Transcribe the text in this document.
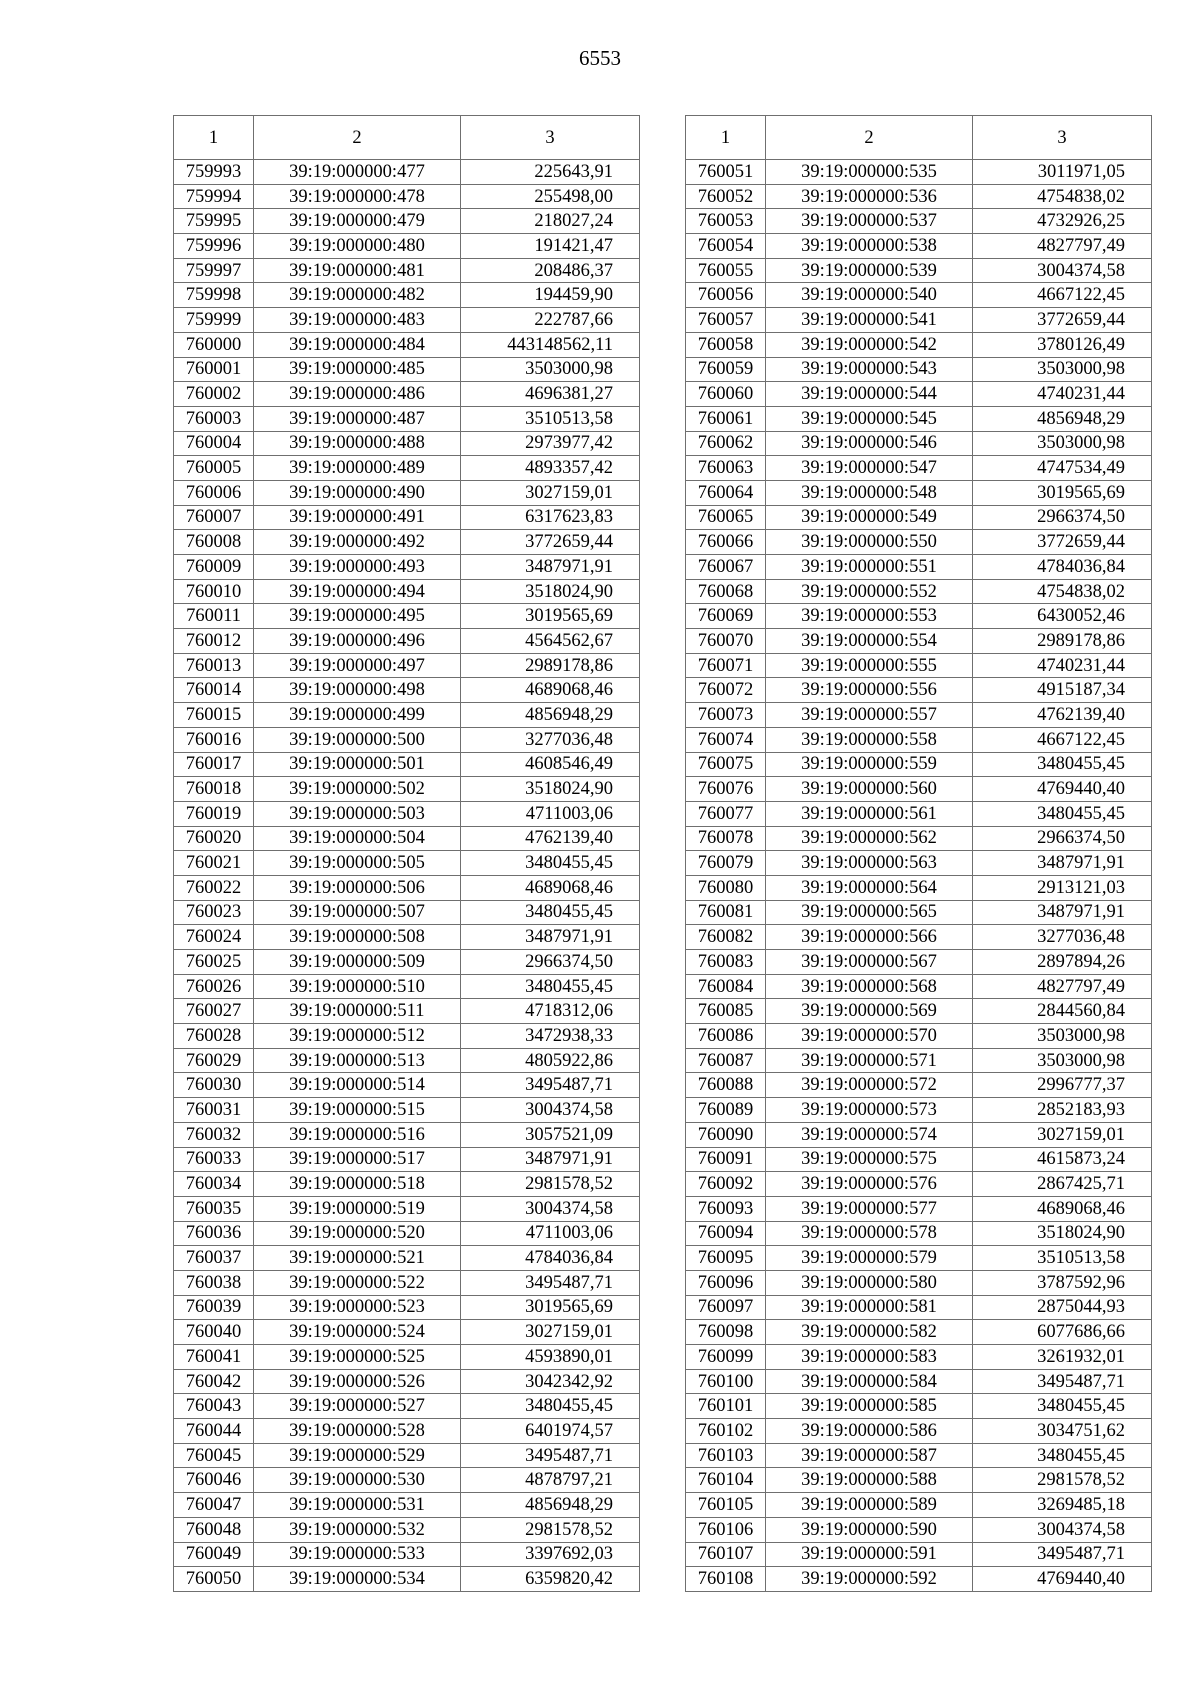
6553
1	2	3
759993	39:19:000000:477	225643,91
759994	39:19:000000:478	255498,00
759995	39:19:000000:479	218027,24
759996	39:19:000000:480	191421,47
759997	39:19:000000:481	208486,37
759998	39:19:000000:482	194459,90
759999	39:19:000000:483	222787,66
760000	39:19:000000:484	443148562,11
760001	39:19:000000:485	3503000,98
760002	39:19:000000:486	4696381,27
760003	39:19:000000:487	3510513,58
760004	39:19:000000:488	2973977,42
760005	39:19:000000:489	4893357,42
760006	39:19:000000:490	3027159,01
760007	39:19:000000:491	6317623,83
760008	39:19:000000:492	3772659,44
760009	39:19:000000:493	3487971,91
760010	39:19:000000:494	3518024,90
760011	39:19:000000:495	3019565,69
760012	39:19:000000:496	4564562,67
760013	39:19:000000:497	2989178,86
760014	39:19:000000:498	4689068,46
760015	39:19:000000:499	4856948,29
760016	39:19:000000:500	3277036,48
760017	39:19:000000:501	4608546,49
760018	39:19:000000:502	3518024,90
760019	39:19:000000:503	4711003,06
760020	39:19:000000:504	4762139,40
760021	39:19:000000:505	3480455,45
760022	39:19:000000:506	4689068,46
760023	39:19:000000:507	3480455,45
760024	39:19:000000:508	3487971,91
760025	39:19:000000:509	2966374,50
760026	39:19:000000:510	3480455,45
760027	39:19:000000:511	4718312,06
760028	39:19:000000:512	3472938,33
760029	39:19:000000:513	4805922,86
760030	39:19:000000:514	3495487,71
760031	39:19:000000:515	3004374,58
760032	39:19:000000:516	3057521,09
760033	39:19:000000:517	3487971,91
760034	39:19:000000:518	2981578,52
760035	39:19:000000:519	3004374,58
760036	39:19:000000:520	4711003,06
760037	39:19:000000:521	4784036,84
760038	39:19:000000:522	3495487,71
760039	39:19:000000:523	3019565,69
760040	39:19:000000:524	3027159,01
760041	39:19:000000:525	4593890,01
760042	39:19:000000:526	3042342,92
760043	39:19:000000:527	3480455,45
760044	39:19:000000:528	6401974,57
760045	39:19:000000:529	3495487,71
760046	39:19:000000:530	4878797,21
760047	39:19:000000:531	4856948,29
760048	39:19:000000:532	2981578,52
760049	39:19:000000:533	3397692,03
760050	39:19:000000:534	6359820,42
1	2	3
760051	39:19:000000:535	3011971,05
760052	39:19:000000:536	4754838,02
760053	39:19:000000:537	4732926,25
760054	39:19:000000:538	4827797,49
760055	39:19:000000:539	3004374,58
760056	39:19:000000:540	4667122,45
760057	39:19:000000:541	3772659,44
760058	39:19:000000:542	3780126,49
760059	39:19:000000:543	3503000,98
760060	39:19:000000:544	4740231,44
760061	39:19:000000:545	4856948,29
760062	39:19:000000:546	3503000,98
760063	39:19:000000:547	4747534,49
760064	39:19:000000:548	3019565,69
760065	39:19:000000:549	2966374,50
760066	39:19:000000:550	3772659,44
760067	39:19:000000:551	4784036,84
760068	39:19:000000:552	4754838,02
760069	39:19:000000:553	6430052,46
760070	39:19:000000:554	2989178,86
760071	39:19:000000:555	4740231,44
760072	39:19:000000:556	4915187,34
760073	39:19:000000:557	4762139,40
760074	39:19:000000:558	4667122,45
760075	39:19:000000:559	3480455,45
760076	39:19:000000:560	4769440,40
760077	39:19:000000:561	3480455,45
760078	39:19:000000:562	2966374,50
760079	39:19:000000:563	3487971,91
760080	39:19:000000:564	2913121,03
760081	39:19:000000:565	3487971,91
760082	39:19:000000:566	3277036,48
760083	39:19:000000:567	2897894,26
760084	39:19:000000:568	4827797,49
760085	39:19:000000:569	2844560,84
760086	39:19:000000:570	3503000,98
760087	39:19:000000:571	3503000,98
760088	39:19:000000:572	2996777,37
760089	39:19:000000:573	2852183,93
760090	39:19:000000:574	3027159,01
760091	39:19:000000:575	4615873,24
760092	39:19:000000:576	2867425,71
760093	39:19:000000:577	4689068,46
760094	39:19:000000:578	3518024,90
760095	39:19:000000:579	3510513,58
760096	39:19:000000:580	3787592,96
760097	39:19:000000:581	2875044,93
760098	39:19:000000:582	6077686,66
760099	39:19:000000:583	3261932,01
760100	39:19:000000:584	3495487,71
760101	39:19:000000:585	3480455,45
760102	39:19:000000:586	3034751,62
760103	39:19:000000:587	3480455,45
760104	39:19:000000:588	2981578,52
760105	39:19:000000:589	3269485,18
760106	39:19:000000:590	3004374,58
760107	39:19:000000:591	3495487,71
760108	39:19:000000:592	4769440,40
